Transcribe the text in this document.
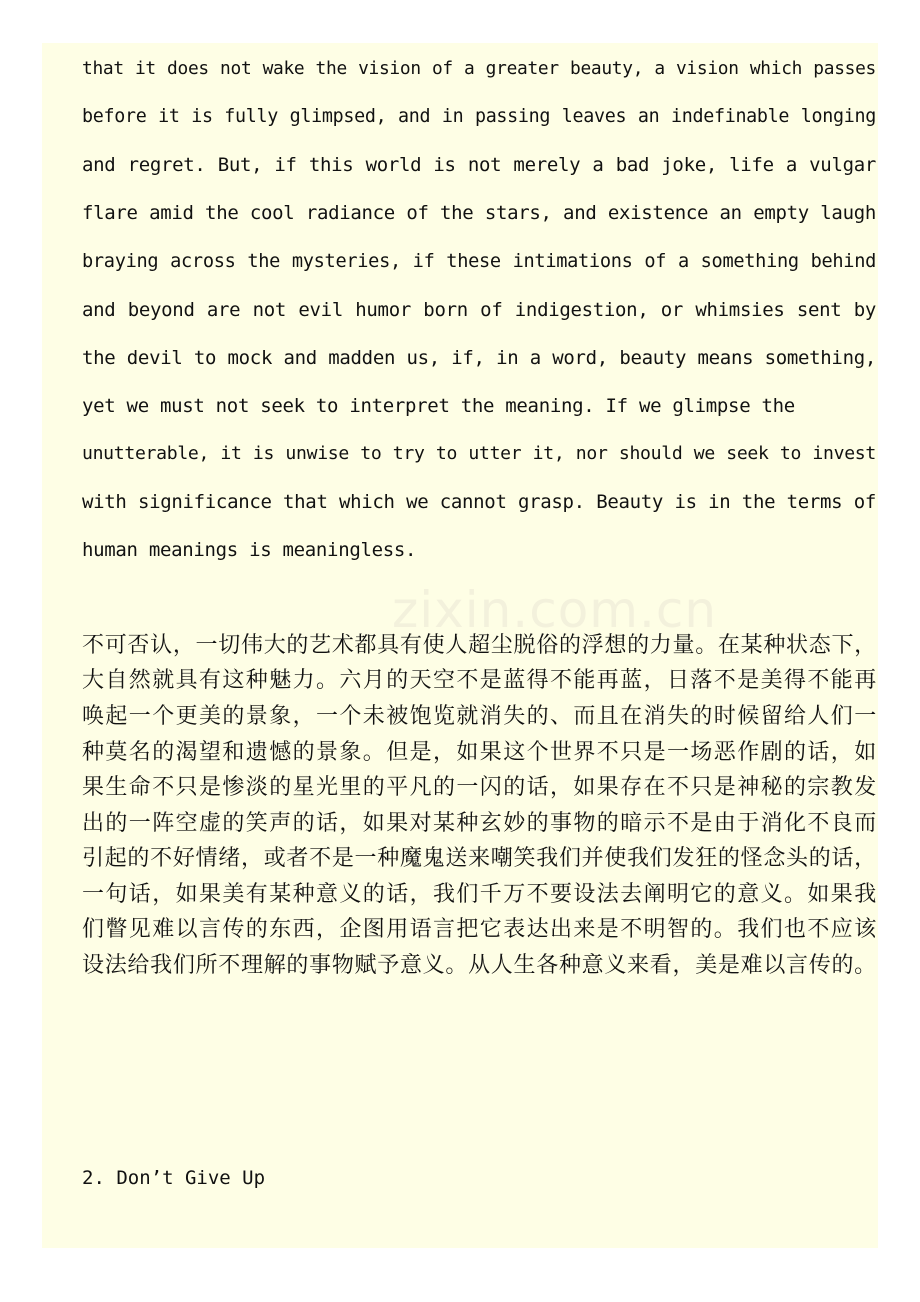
zixin.com.cn
that it does not wake the vision of a greater beauty, a vision which passes
before it is fully glimpsed, and in passing leaves an indefinable longing
and regret. But, if this world is not merely a bad joke, life a vulgar
flare amid the cool radiance of the stars, and existence an empty laugh
braying across the mysteries, if these intimations of a something behind
and beyond are not evil humor born of indigestion, or whimsies sent by
the devil to mock and madden us, if, in a word, beauty means something,
yet we must not seek to interpret the meaning. If we glimpse the
unutterable, it is unwise to try to utter it, nor should we seek to invest
with significance that which we cannot grasp. Beauty is in the terms of
human meanings is meaningless.
不可否认，一切伟大的艺术都具有使人超尘脱俗的浮想的力量。在某种状态下，
大自然就具有这种魅力。六月的天空不是蓝得不能再蓝，日落不是美得不能再
唤起一个更美的景象，一个未被饱览就消失的、而且在消失的时候留给人们一
种莫名的渴望和遗憾的景象。但是，如果这个世界不只是一场恶作剧的话，如
果生命不只是惨淡的星光里的平凡的一闪的话，如果存在不只是神秘的宗教发
出的一阵空虚的笑声的话，如果对某种玄妙的事物的暗示不是由于消化不良而
引起的不好情绪，或者不是一种魔鬼送来嘲笑我们并使我们发狂的怪念头的话，
一句话，如果美有某种意义的话，我们千万不要设法去阐明它的意义。如果我
们瞥见难以言传的东西，企图用语言把它表达出来是不明智的。我们也不应该
设法给我们所不理解的事物赋予意义。从人生各种意义来看，美是难以言传的。
2. Don’t Give Up
